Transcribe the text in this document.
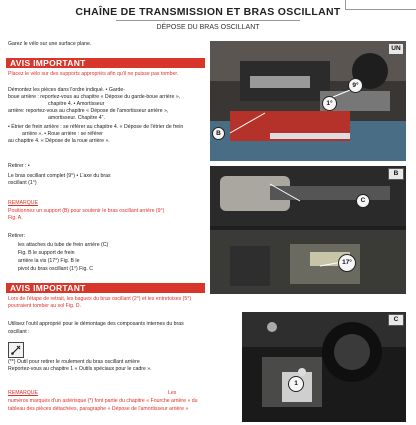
CHAÎNE DE TRANSMISSION ET BRAS OSCILLANT
DÉPOSE DU BRAS OSCILLANT
Garez le vélo sur une surface plane.
AVIS IMPORTANT
Placez le vélo sur des supports appropriés afin qu'il ne puisse pas tomber.
Démontez les pièces dans l'ordre indiqué. • Garde-
boue arrière : reportez-vous au chapitre « Dépose du garde-boue arrière »,
chapitre 4. • Amortisseur
arrière: reportez-vous au chapitre « Dépose de l'amortisseur arrière »,
amortisseur. Chapitre 4".
• Étrier de frein arrière : se référer au chapitre 4. « Dépose de l'étrier de frein
arrière ». • Roue arrière : se référer
au chapitre 4. « Dépose de la roue arrière ».
Retirer : •
Le bras oscillant complet (9°) • L'axe du bras
oscillant (1°)
REMARQUE
Positionnez un support (B) pour soutenir le bras oscillant arrière (9°)
Fig. A.
Retirer:
les attaches du tube de frein arrière (C)
Fig. B le support de frein
arrière la vis (17°) Fig. B le
pivot du bras oscillant (1°) Fig. C
AVIS IMPORTANT
Lors de l'étape de retrait, les bagues du bras oscillant (2°) et les entretoises (5°)
pourraient tomber au sol Fig. D.
Utilisez l'outil approprié pour le démontage des composants internes du bras
oscillant :
(**) Outil pour retirer le roulement du bras oscillant arrière
Reportez-vous au chapitre 1 « Outils spéciaux pour le cadre ».
REMARQUE	Les
numéros marqués d'un astérisque (*) font partie du chapitre « Fourche arrière » du
tableau des pièces détachées, paragraphe « Dépose de l'amortisseur arrière »
UN
9°
1°
B
B
C
17°
C
1
